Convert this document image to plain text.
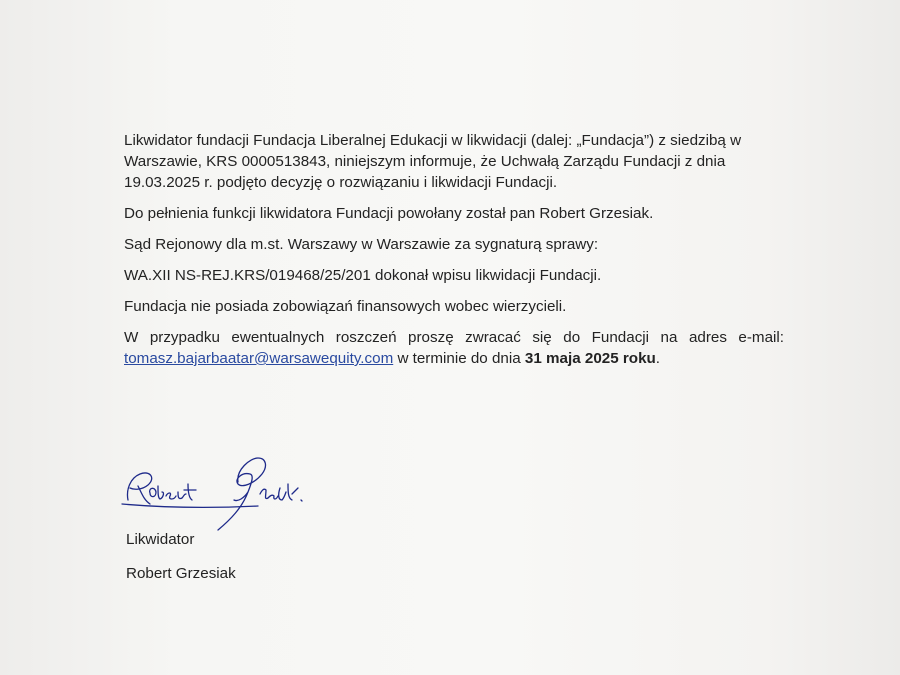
Likwidator fundacji Fundacja Liberalnej Edukacji w likwidacji (dalej: „Fundacja”) z siedzibą w Warszawie, KRS 0000513843, niniejszym informuje, że Uchwałą Zarządu Fundacji z dnia 19.03.2025 r. podjęto decyzję o rozwiązaniu i likwidacji Fundacji.

Do pełnienia funkcji likwidatora Fundacji powołany został pan Robert Grzesiak.

Sąd Rejonowy dla m.st. Warszawy w Warszawie za sygnaturą sprawy:

WA.XII NS-REJ.KRS/019468/25/201 dokonał wpisu likwidacji Fundacji.

Fundacja nie posiada zobowiązań finansowych wobec wierzycieli.

W przypadku ewentualnych roszczeń proszę zwracać się do Fundacji na adres e-mail: tomasz.bajarbaatar@warsawequity.com w terminie do dnia 31 maja 2025 roku.

Likwidator
Robert Grzesiak
